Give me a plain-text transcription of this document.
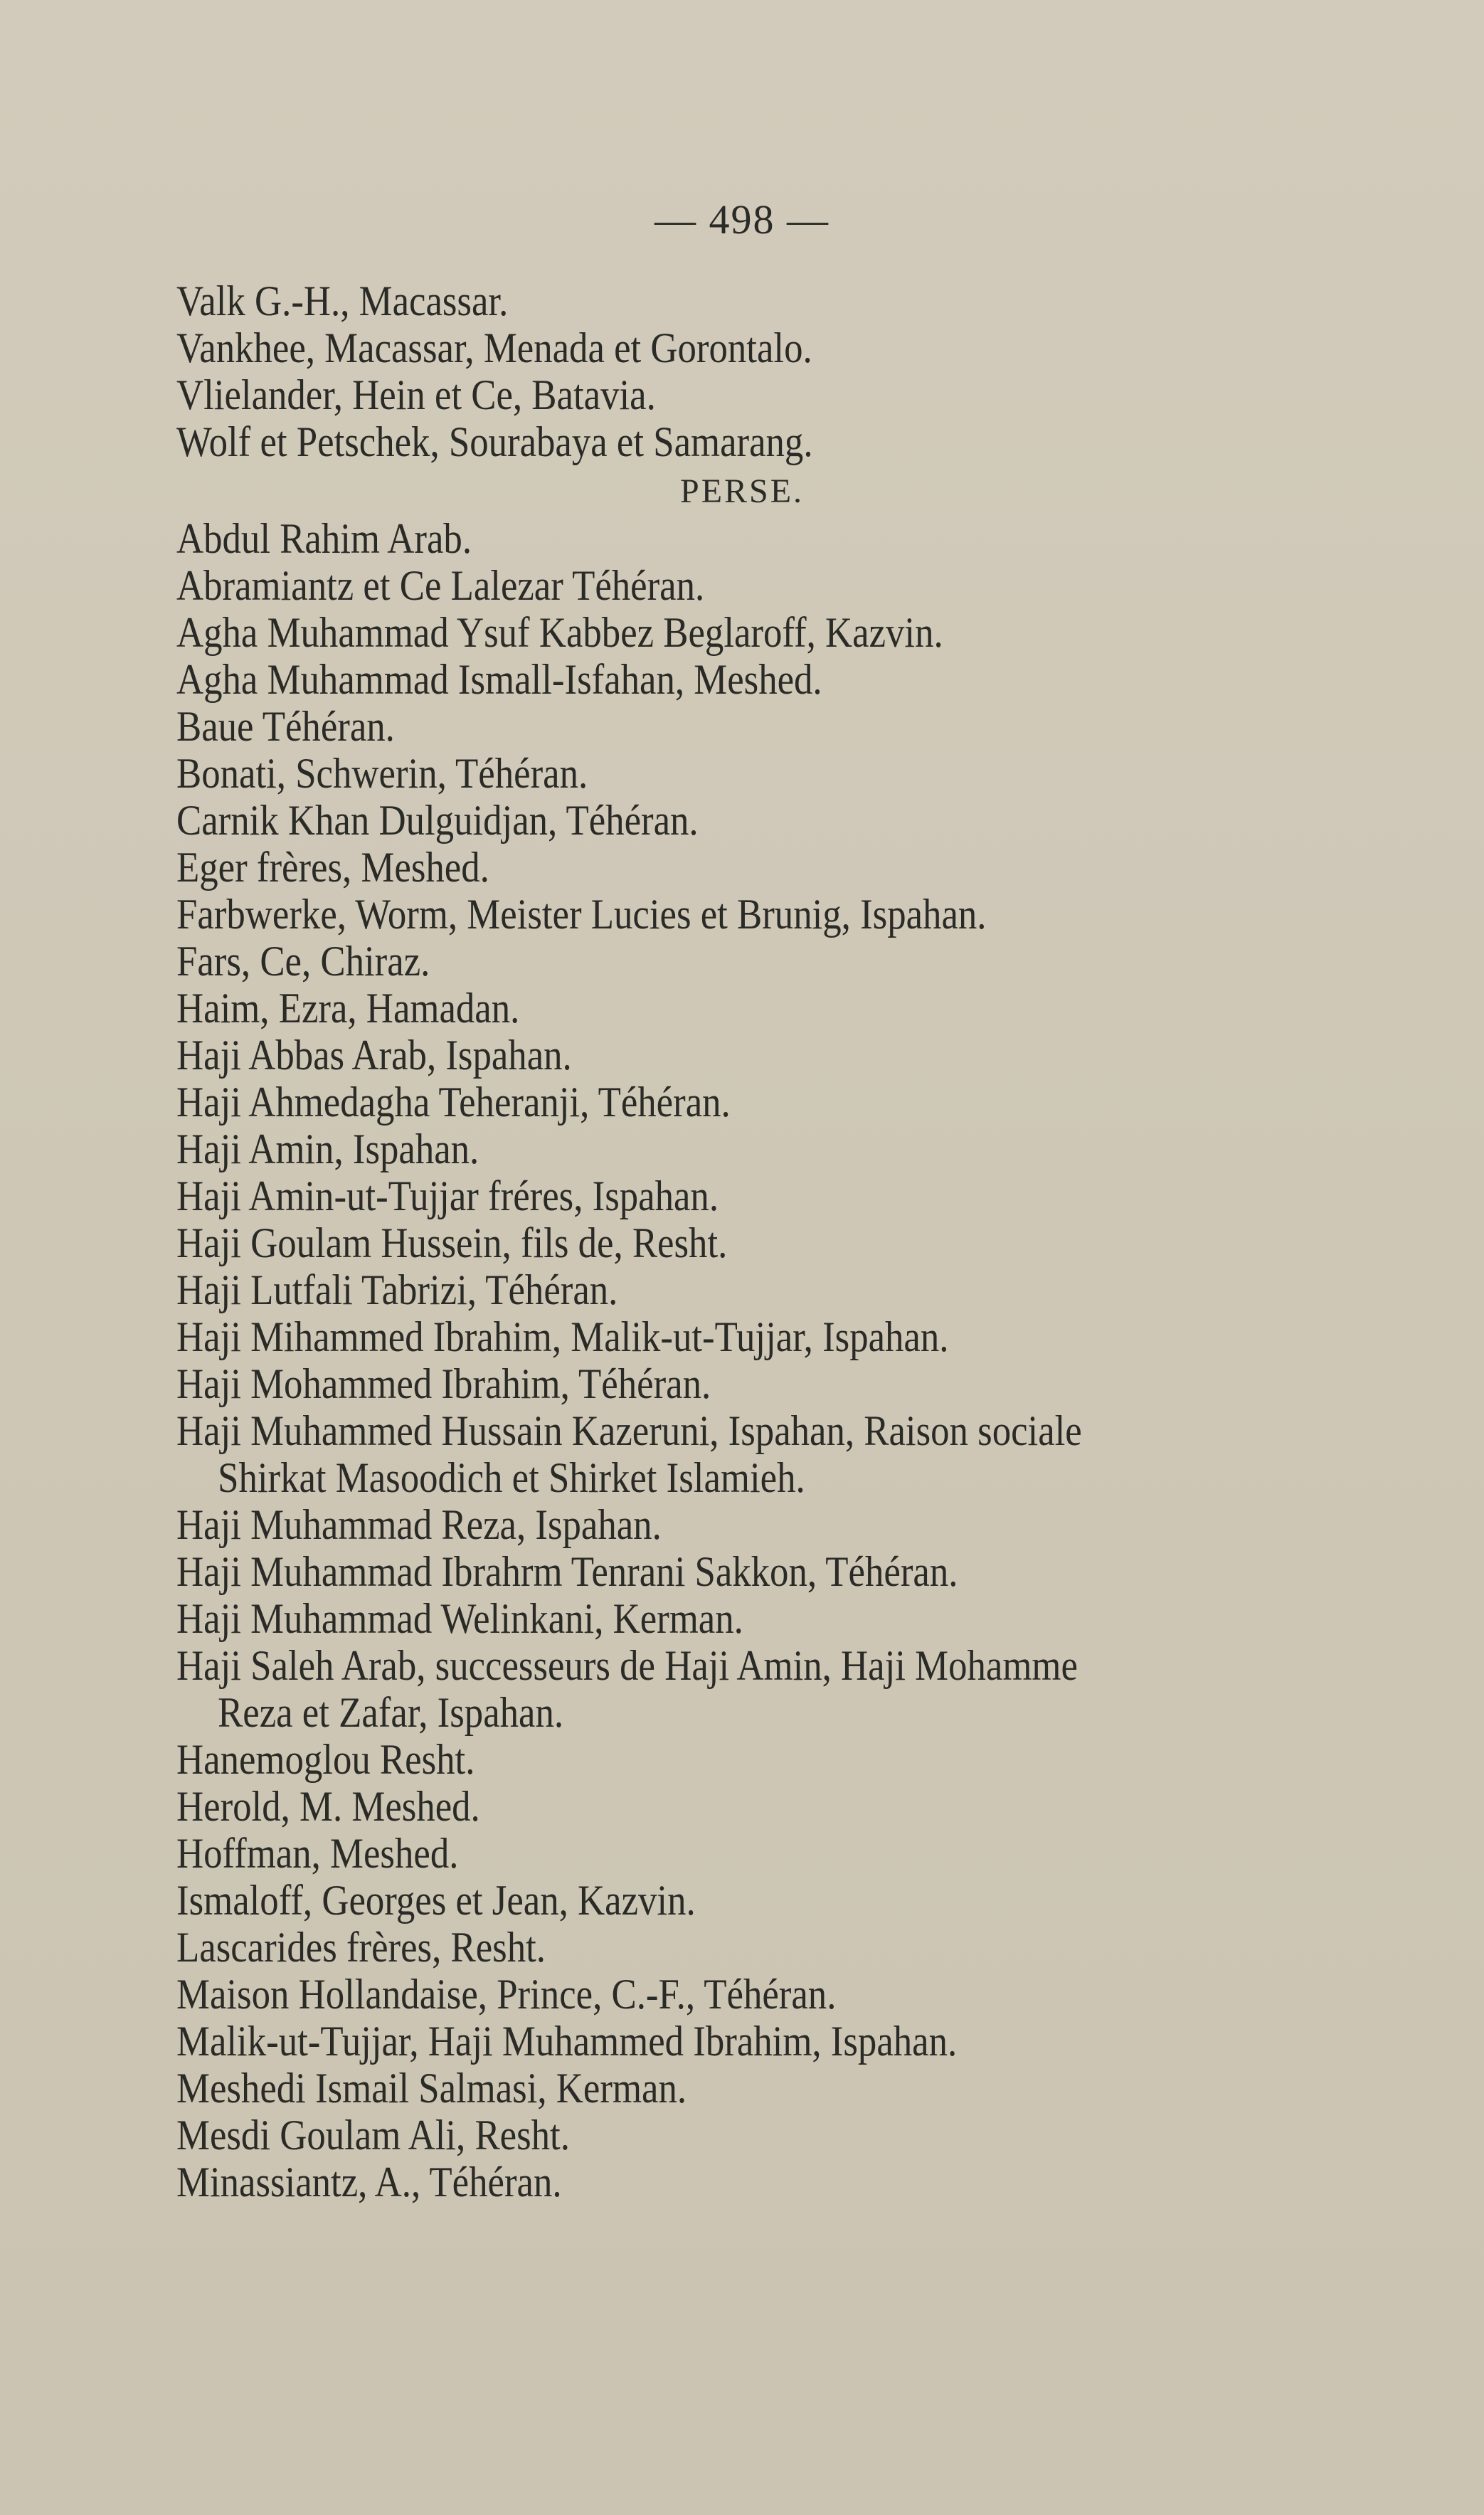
— 498 —
Valk G.-H., Macassar.
Vankhee, Macassar, Menada et Gorontalo.
Vlielander, Hein et Ce, Batavia.
Wolf et Petschek, Sourabaya et Samarang.
PERSE.
Abdul Rahim Arab.
Abramiantz et Ce Lalezar Téhéran.
Agha Muhammad Ysuf Kabbez Beglaroff, Kazvin.
Agha Muhammad Ismall-Isfahan, Meshed.
Baue Téhéran.
Bonati, Schwerin, Téhéran.
Carnik Khan Dulguidjan, Téhéran.
Eger frères, Meshed.
Farbwerke, Worm, Meister Lucies et Brunig, Ispahan.
Fars, Ce, Chiraz.
Haim, Ezra, Hamadan.
Haji Abbas Arab, Ispahan.
Haji Ahmedagha Teheranji, Téhéran.
Haji Amin, Ispahan.
Haji Amin-ut-Tujjar fréres, Ispahan.
Haji Goulam Hussein, fils de, Resht.
Haji Lutfali Tabrizi, Téhéran.
Haji Mihammed Ibrahim, Malik-ut-Tujjar, Ispahan.
Haji Mohammed Ibrahim, Téhéran.
Haji Muhammed Hussain Kazeruni, Ispahan, Raison sociale
Shirkat Masoodich et Shirket Islamieh.
Haji Muhammad Reza, Ispahan.
Haji Muhammad Ibrahrm Tenrani Sakkon, Téhéran.
Haji Muhammad Welinkani, Kerman.
Haji Saleh Arab, successeurs de Haji Amin, Haji Mohamme
Reza et Zafar, Ispahan.
Hanemoglou Resht.
Herold, M. Meshed.
Hoffman, Meshed.
Ismaloff, Georges et Jean, Kazvin.
Lascarides frères, Resht.
Maison Hollandaise, Prince, C.-F., Téhéran.
Malik-ut-Tujjar, Haji Muhammed Ibrahim, Ispahan.
Meshedi Ismail Salmasi, Kerman.
Mesdi Goulam Ali, Resht.
Minassiantz, A., Téhéran.
